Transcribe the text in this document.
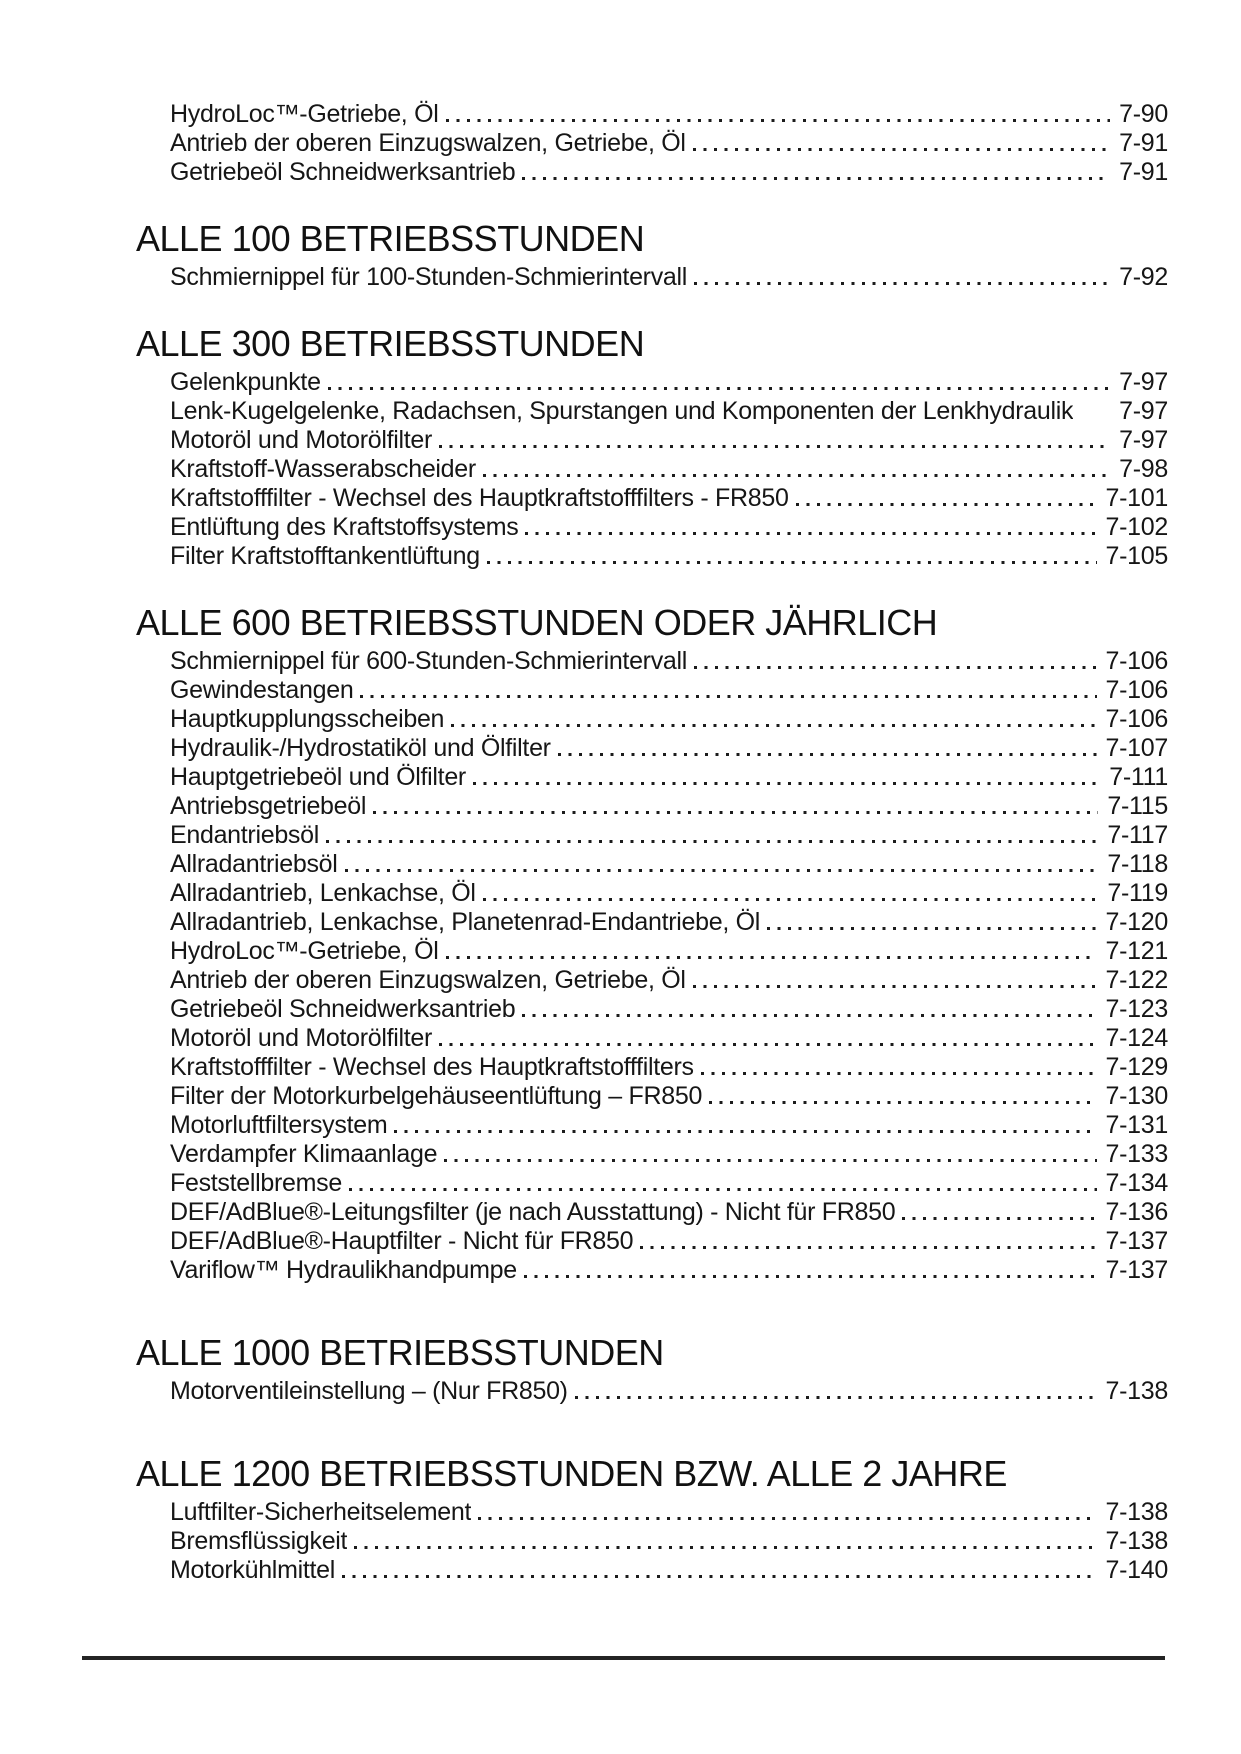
HydroLoc™-Getriebe, Öl	7-90
Antrieb der oberen Einzugswalzen, Getriebe, Öl	7-91
Getriebeöl Schneidwerksantrieb	7-91
ALLE 100 BETRIEBSSTUNDEN
Schmiernippel für 100-Stunden-Schmierintervall	7-92
ALLE 300 BETRIEBSSTUNDEN
Gelenkpunkte	7-97
Lenk-Kugelgelenke, Radachsen, Spurstangen und Komponenten der Lenkhydraulik 7-97
Motoröl und Motorölfilter	7-97
Kraftstoff-Wasserabscheider	7-98
Kraftstofffilter - Wechsel des Hauptkraftstofffilters - FR850	7-101
Entlüftung des Kraftstoffsystems	7-102
Filter Kraftstofftankentlüftung	7-105
ALLE 600 BETRIEBSSTUNDEN ODER JÄHRLICH
Schmiernippel für 600-Stunden-Schmierintervall	7-106
Gewindestangen	7-106
Hauptkupplungsscheiben	7-106
Hydraulik-/Hydrostatiköl und Ölfilter	7-107
Hauptgetriebeöl und Ölfilter	7-111
Antriebsgetriebeöl	7-115
Endantriebsöl	7-117
Allradantriebsöl	7-118
Allradantrieb, Lenkachse, Öl	7-119
Allradantrieb, Lenkachse, Planetenrad-Endantriebe, Öl	7-120
HydroLoc™-Getriebe, Öl	7-121
Antrieb der oberen Einzugswalzen, Getriebe, Öl	7-122
Getriebeöl Schneidwerksantrieb	7-123
Motoröl und Motorölfilter	7-124
Kraftstofffilter - Wechsel des Hauptkraftstofffilters	7-129
Filter der Motorkurbelgehäuseentlüftung – FR850	7-130
Motorluftfiltersystem	7-131
Verdampfer Klimaanlage	7-133
Feststellbremse	7-134
DEF/AdBlue®-Leitungsfilter (je nach Ausstattung) - Nicht für FR850	7-136
DEF/AdBlue®-Hauptfilter - Nicht für FR850	7-137
Variflow™ Hydraulikhandpumpe	7-137
ALLE 1000 BETRIEBSSTUNDEN
Motorventileinstellung – (Nur FR850)	7-138
ALLE 1200 BETRIEBSSTUNDEN BZW. ALLE 2 JAHRE
Luftfilter-Sicherheitselement	7-138
Bremsflüssigkeit	7-138
Motorkühlmittel	7-140
